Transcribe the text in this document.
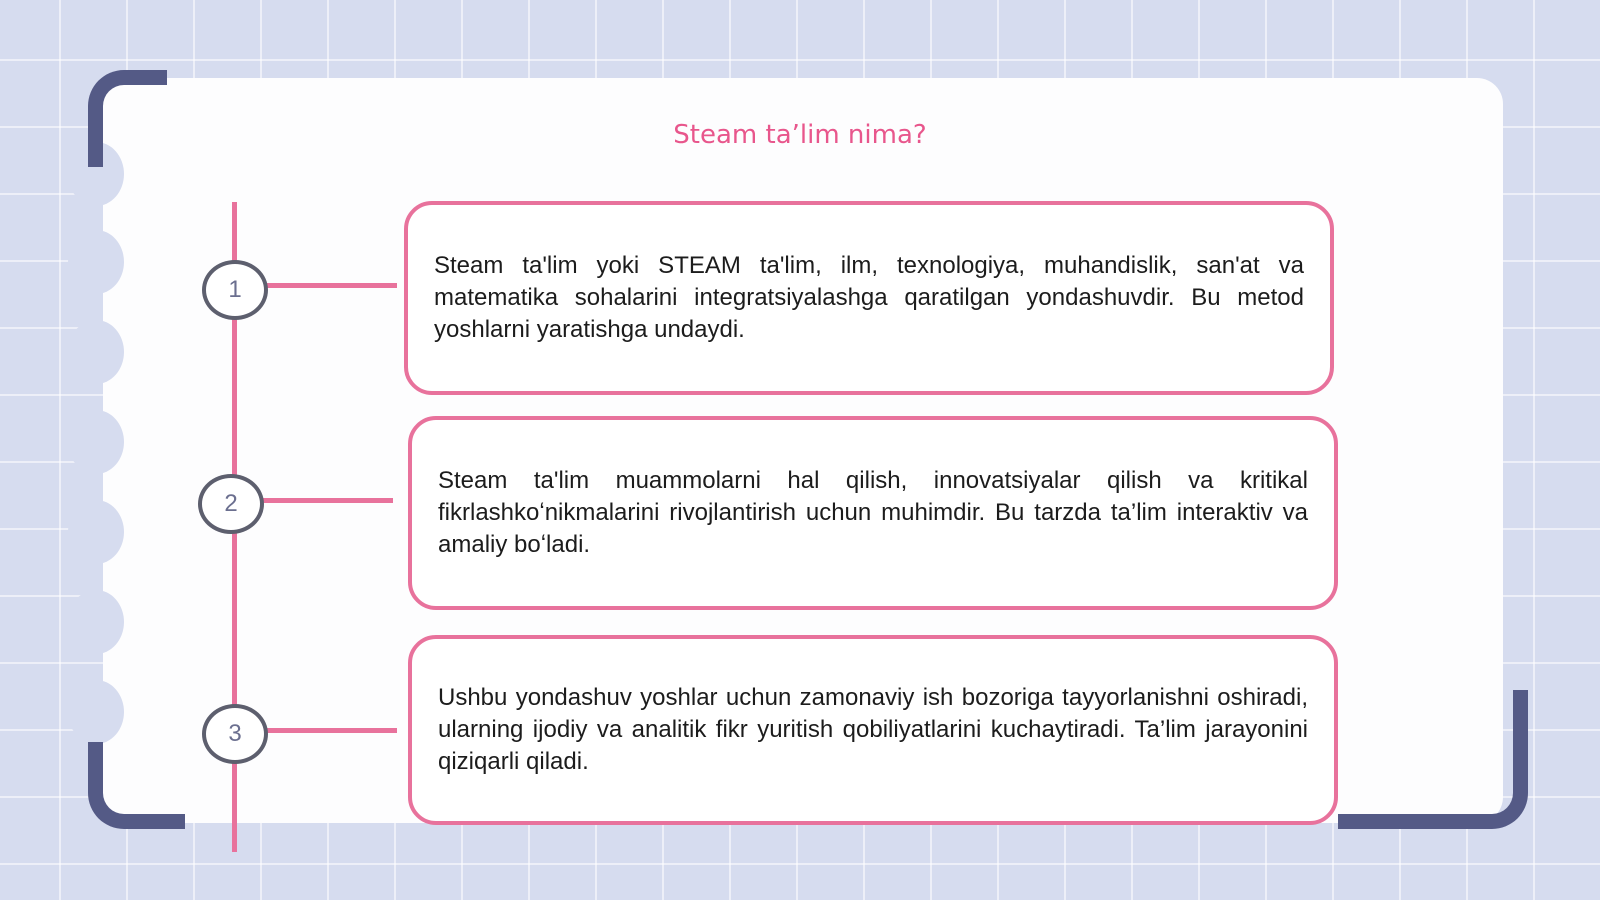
Steam ta’lim nima?
1
2
3

Steam ta'lim yoki STEAM ta'lim, ilm, texnologiya, muhandislik, san'at va matematika sohalarini integratsiyalashga qaratilgan yondashuvdir. Bu metod yoshlarni yaratishga undaydi.

Steam ta'lim muammolarni hal qilish, innovatsiyalar qilish va kritikal fikrlashkoʻnikmalarini rivojlantirish uchun muhimdir. Bu tarzda ta’lim interaktiv va amaliy boʻladi.

Ushbu yondashuv yoshlar uchun zamonaviy ish bozoriga tayyorlanishni oshiradi, ularning ijodiy va analitik fikr yuritish qobiliyatlarini kuchaytiradi. Ta’lim jarayonini qiziqarli qiladi.
